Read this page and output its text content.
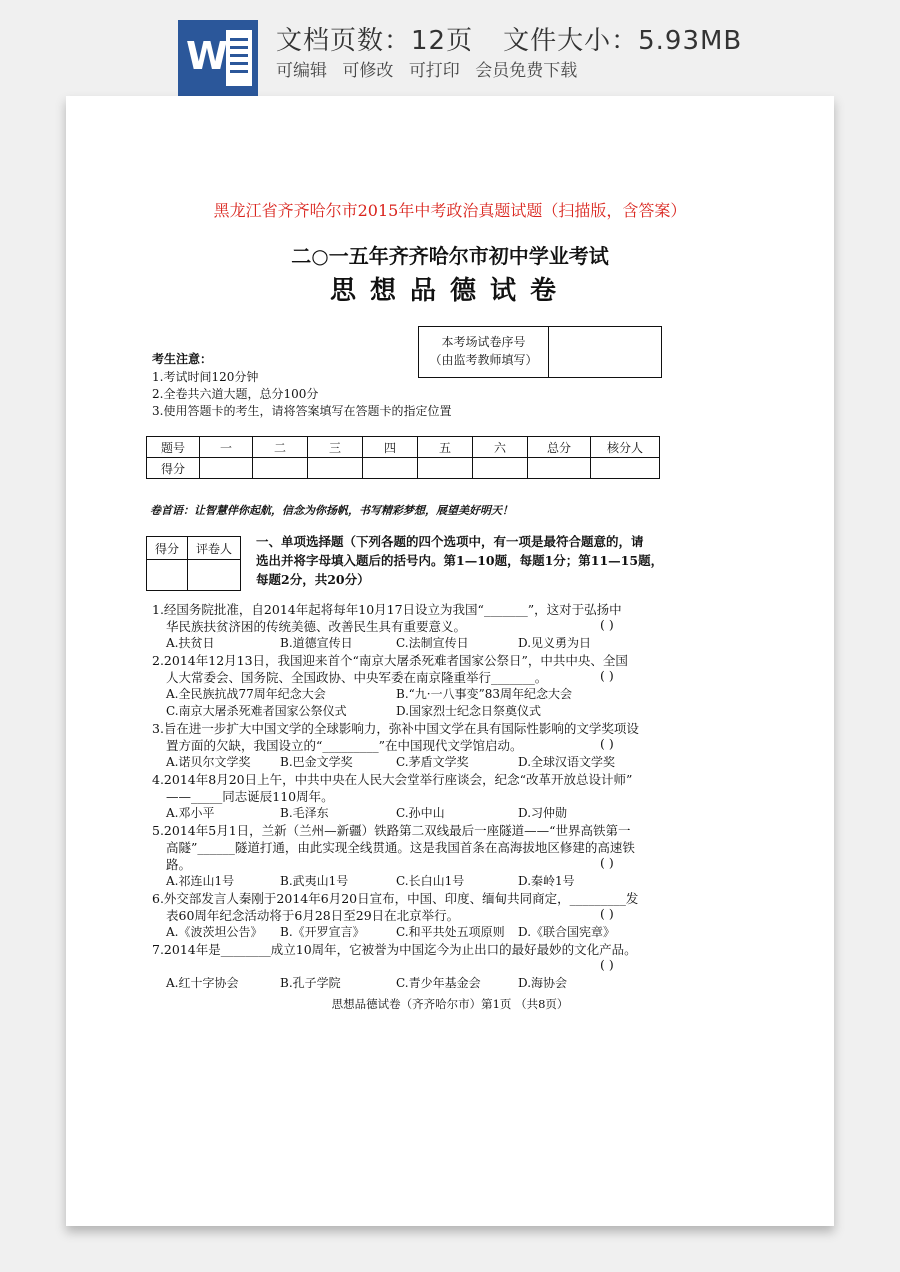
W 文档页数：12页 文件大小：5.93MB
可编辑 可修改 可打印 会员免费下载
黑龙江省齐齐哈尔市2015年中考政治真题试题（扫描版，含答案）
二○一五年齐齐哈尔市初中学业考试
思想品德试卷
本考场试卷序号
（由监考教师填写）
考生注意：
1.考试时间120分钟
2.全卷共六道大题，总分100分
3.使用答题卡的考生，请将答案填写在答题卡的指定位置
题号	一	二	三	四	五	六	总分	核分人
得分								
卷首语：让智慧伴你起航，信念为你扬帆，书写精彩梦想，展望美好明天！
得分	评卷人
	一、单项选择题（下列各题的四个选项中，有一项是最符合题意的，请
选出并将字母填入题后的括号内。第1—10题，每题1分；第11—15题，
每题2分，共20分）
1.经国务院批准，自2014年起将每年10月17日设立为我国“_______”，这对于弘扬中
华民族扶贫济困的传统美德、改善民生具有重要意义。	( )
A.扶贫日	B.道德宣传日	C.法制宣传日	D.见义勇为日
2.2014年12月13日，我国迎来首个“南京大屠杀死难者国家公祭日”，中共中央、全国
人大常委会、国务院、全国政协、中央军委在南京隆重举行_______。	( )
A.全民族抗战77周年纪念大会	B.“九·一八事变”83周年纪念大会
C.南京大屠杀死难者国家公祭仪式	D.国家烈士纪念日祭奠仪式
3.旨在进一步扩大中国文学的全球影响力，弥补中国文学在具有国际性影响的文学奖项设
置方面的欠缺，我国设立的“_________”在中国现代文学馆启动。	( )
A.诺贝尔文学奖 B.巴金文学奖	C.茅盾文学奖	D.全球汉语文学奖
4.2014年8月20日上午，中共中央在人民大会堂举行座谈会，纪念“改革开放总设计师”
——_____同志诞辰110周年。
A.邓小平	B.毛泽东	C.孙中山	D.习仲勋
5.2014年5月1日，兰新（兰州—新疆）铁路第二双线最后一座隧道——“世界高铁第一
高隧”______隧道打通，由此实现全线贯通。这是我国首条在高海拔地区修建的高速铁
路。	( )
A.祁连山1号	B.武夷山1号	C.长白山1号	D.秦岭1号
6.外交部发言人秦刚于2014年6月20日宣布，中国、印度、缅甸共同商定，_________发
表60周年纪念活动将于6月28日至29日在北京举行。	( )
A.《波茨坦公告》 B.《开罗宣言》	C.和平共处五项原则 D.《联合国宪章》
7.2014年是________成立10周年，它被誉为中国迄今为止出口的最好最妙的文化产品。
( )
A.红十字协会	B.孔子学院	C.青少年基金会	D.海协会
思想品德试卷（齐齐哈尔市）第1页 （共8页）
